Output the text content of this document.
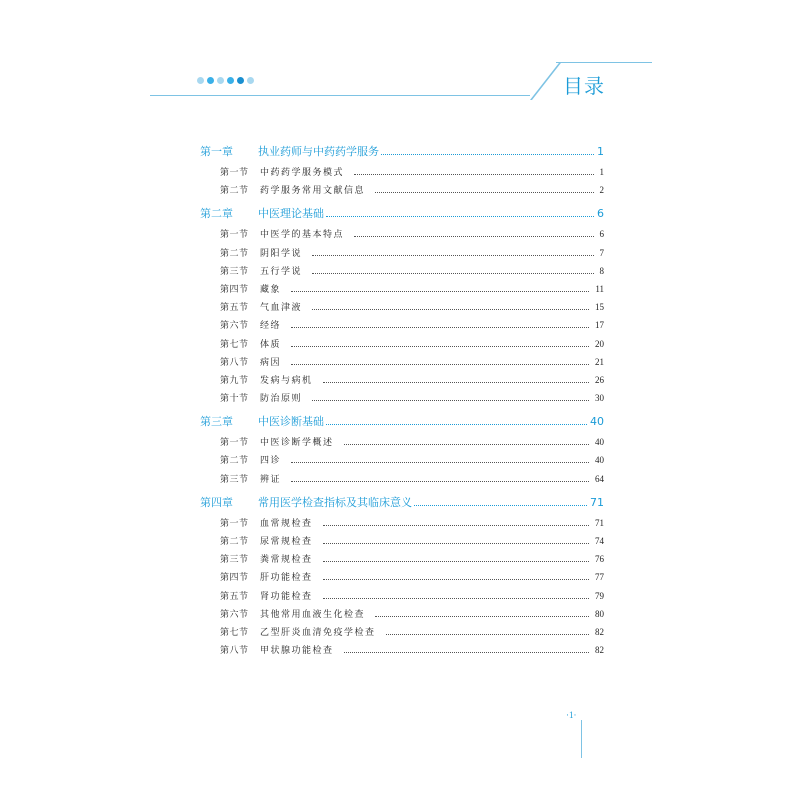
目录
第一章	执业药师与中药药学服务	1
第一节	中药药学服务模式	1
第二节	药学服务常用文献信息	2
第二章	中医理论基础	6
第一节	中医学的基本特点	6
第二节	阴阳学说	7
第三节	五行学说	8
第四节	藏象	11
第五节	气血津液	15
第六节	经络	17
第七节	体质	20
第八节	病因	21
第九节	发病与病机	26
第十节	防治原则	30
第三章	中医诊断基础	40
第一节	中医诊断学概述	40
第二节	四诊	40
第三节	辨证	64
第四章	常用医学检查指标及其临床意义	71
第一节	血常规检查	71
第二节	尿常规检查	74
第三节	粪常规检查	76
第四节	肝功能检查	77
第五节	肾功能检查	79
第六节	其他常用血液生化检查	80
第七节	乙型肝炎血清免疫学检查	82
第八节	甲状腺功能检查	82
·1·
